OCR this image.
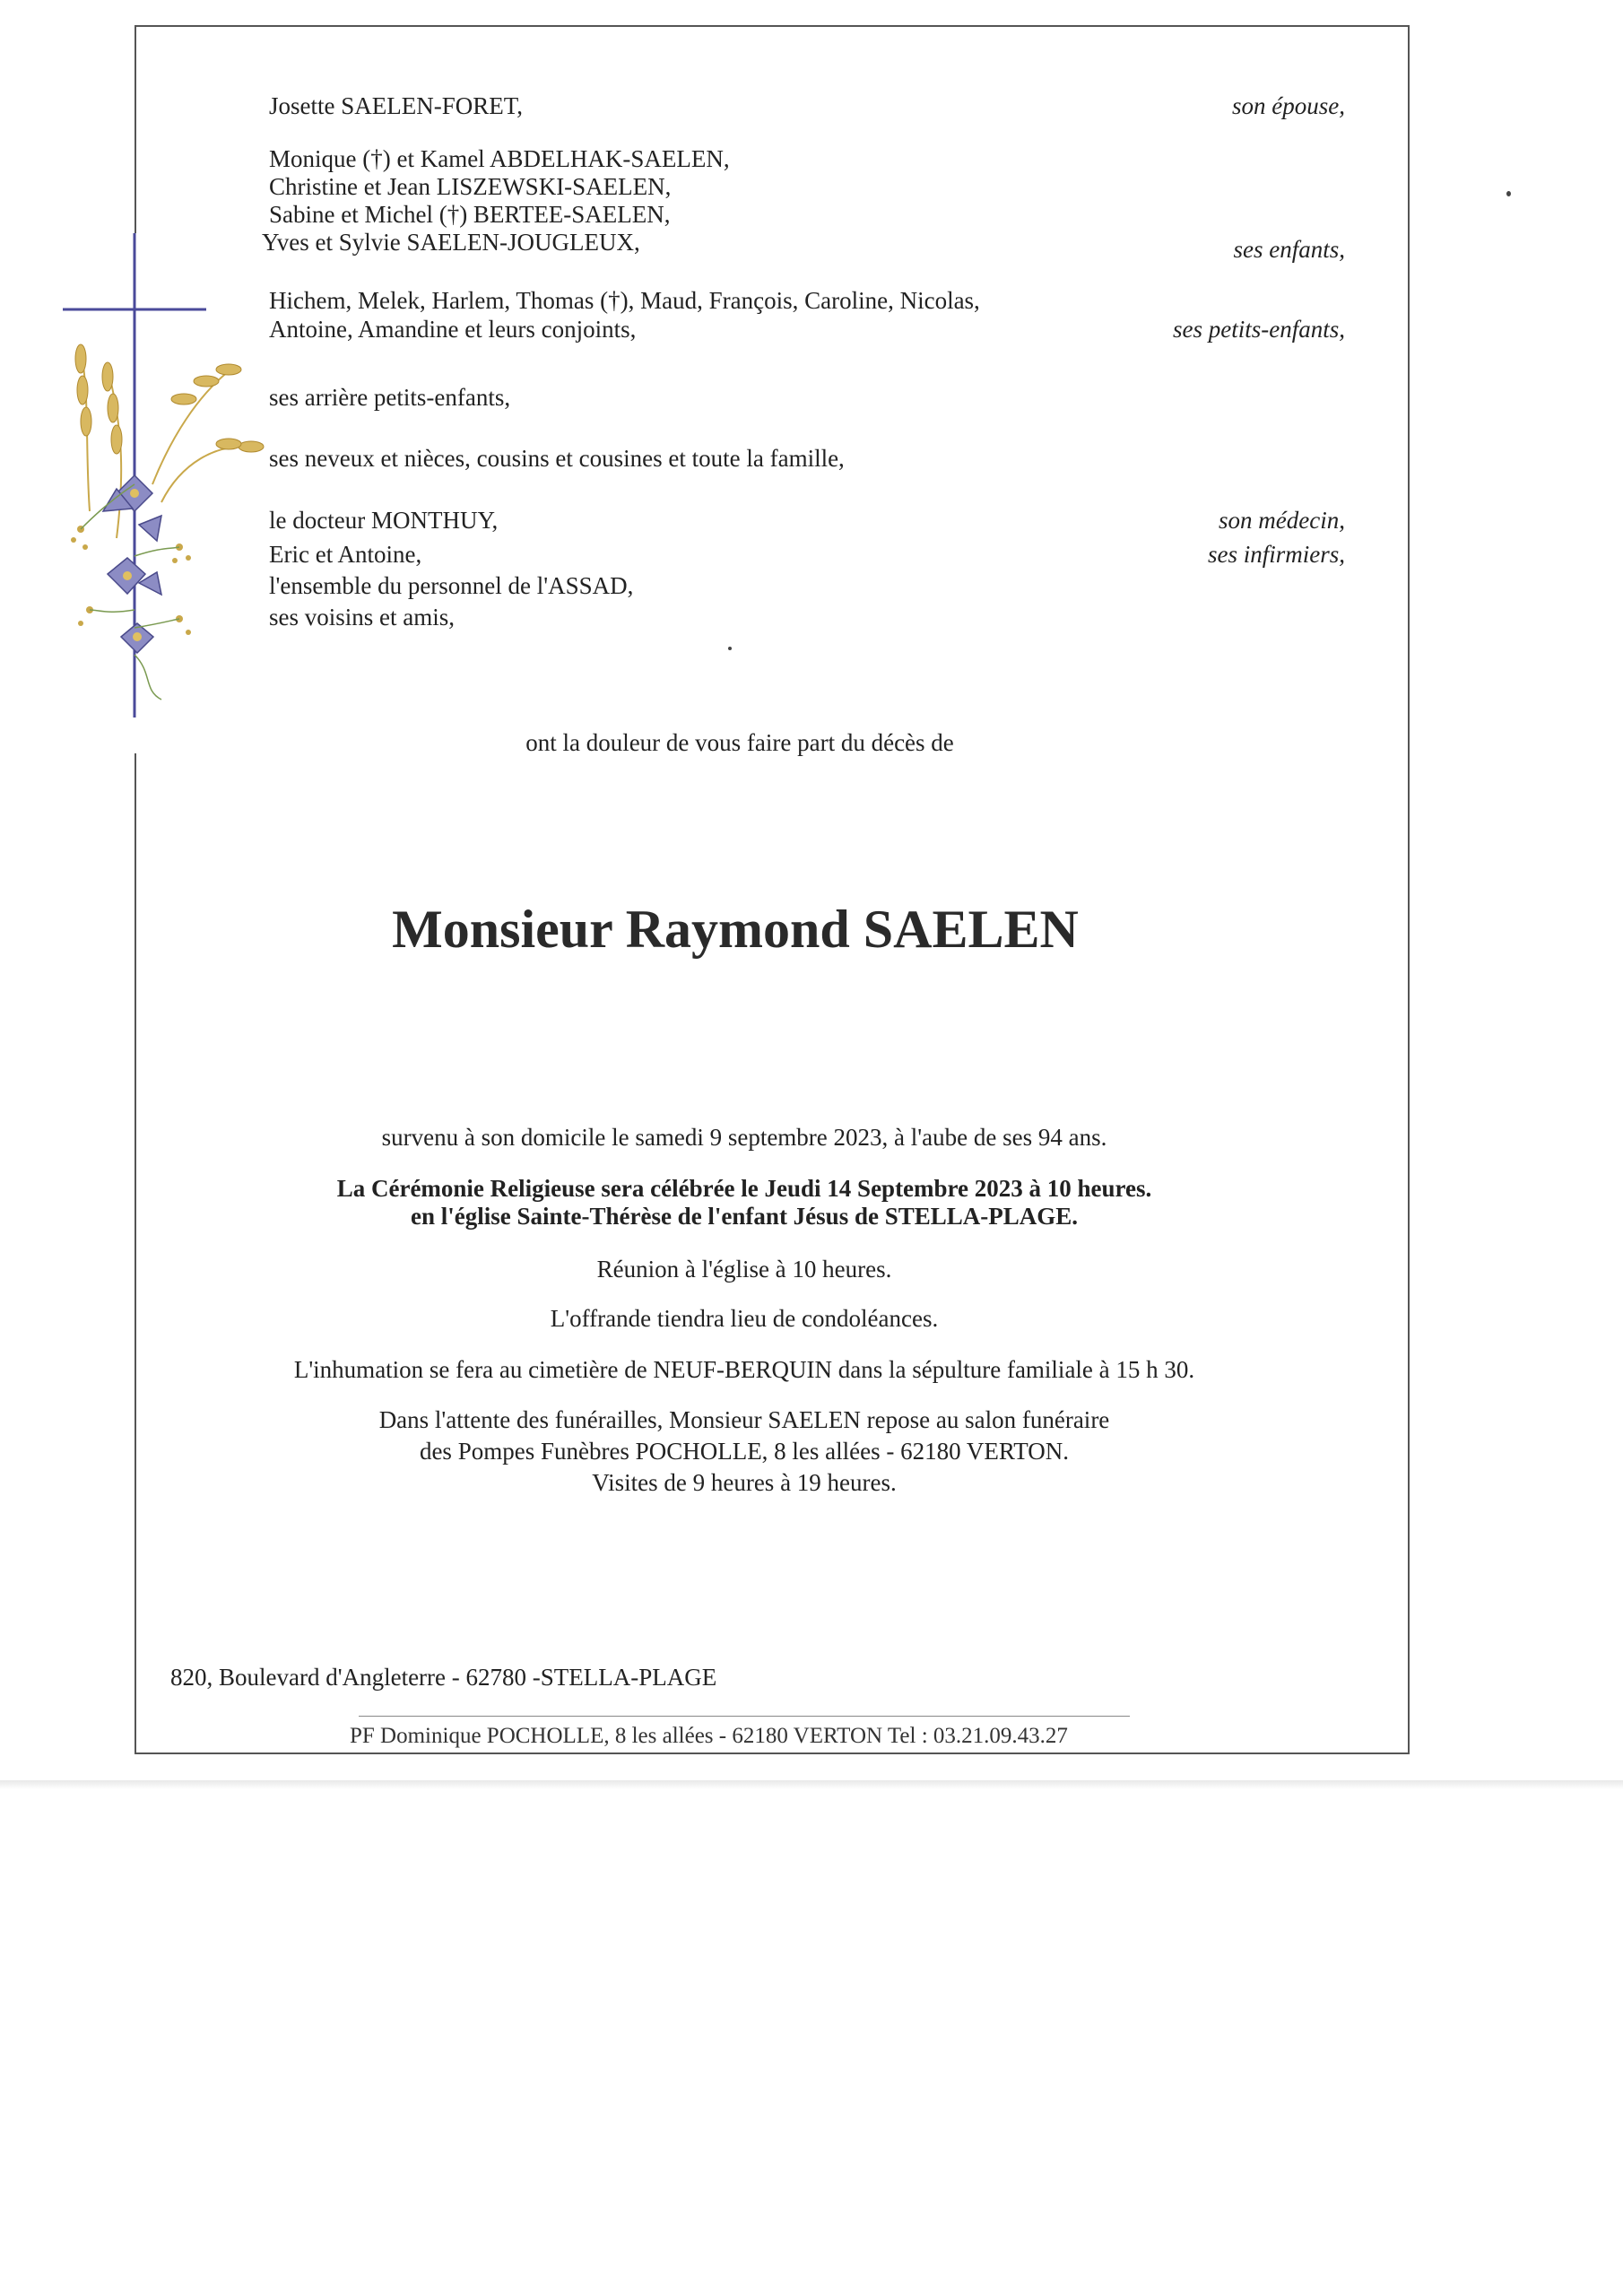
Josette SAELEN-FORET,	son épouse,
Monique (†) et Kamel ABDELHAK-SAELEN,
Christine et Jean LISZEWSKI-SAELEN,
Sabine et Michel (†) BERTEE-SAELEN,
Yves et Sylvie SAELEN-JOUGLEUX,	ses enfants,
Hichem, Melek, Harlem, Thomas (†), Maud, François, Caroline, Nicolas,
Antoine, Amandine et leurs conjoints,	ses petits-enfants,
ses arrière petits-enfants,
ses neveux et nièces, cousins et cousines et toute la famille,
le docteur MONTHUY,	son médecin,
Eric et Antoine,	ses infirmiers,
l'ensemble du personnel de l'ASSAD,
ses voisins et amis,
ont la douleur de vous faire part du décès de
Monsieur Raymond SAELEN
survenu à son domicile le samedi 9 septembre 2023, à l'aube de ses 94 ans.
La Cérémonie Religieuse sera célébrée le Jeudi 14 Septembre 2023 à 10 heures.
en l'église Sainte-Thérèse de l'enfant Jésus de STELLA-PLAGE.
Réunion à l'église à 10 heures.
L'offrande tiendra lieu de condoléances.
L'inhumation se fera au cimetière de NEUF-BERQUIN dans la sépulture familiale à 15 h 30.
Dans l'attente des funérailles, Monsieur SAELEN repose au salon funéraire
des Pompes Funèbres POCHOLLE, 8 les allées - 62180 VERTON.
Visites de 9 heures à 19 heures.
820, Boulevard d'Angleterre - 62780 -STELLA-PLAGE
PF Dominique POCHOLLE, 8 les allées - 62180 VERTON Tel : 03.21.09.43.27
